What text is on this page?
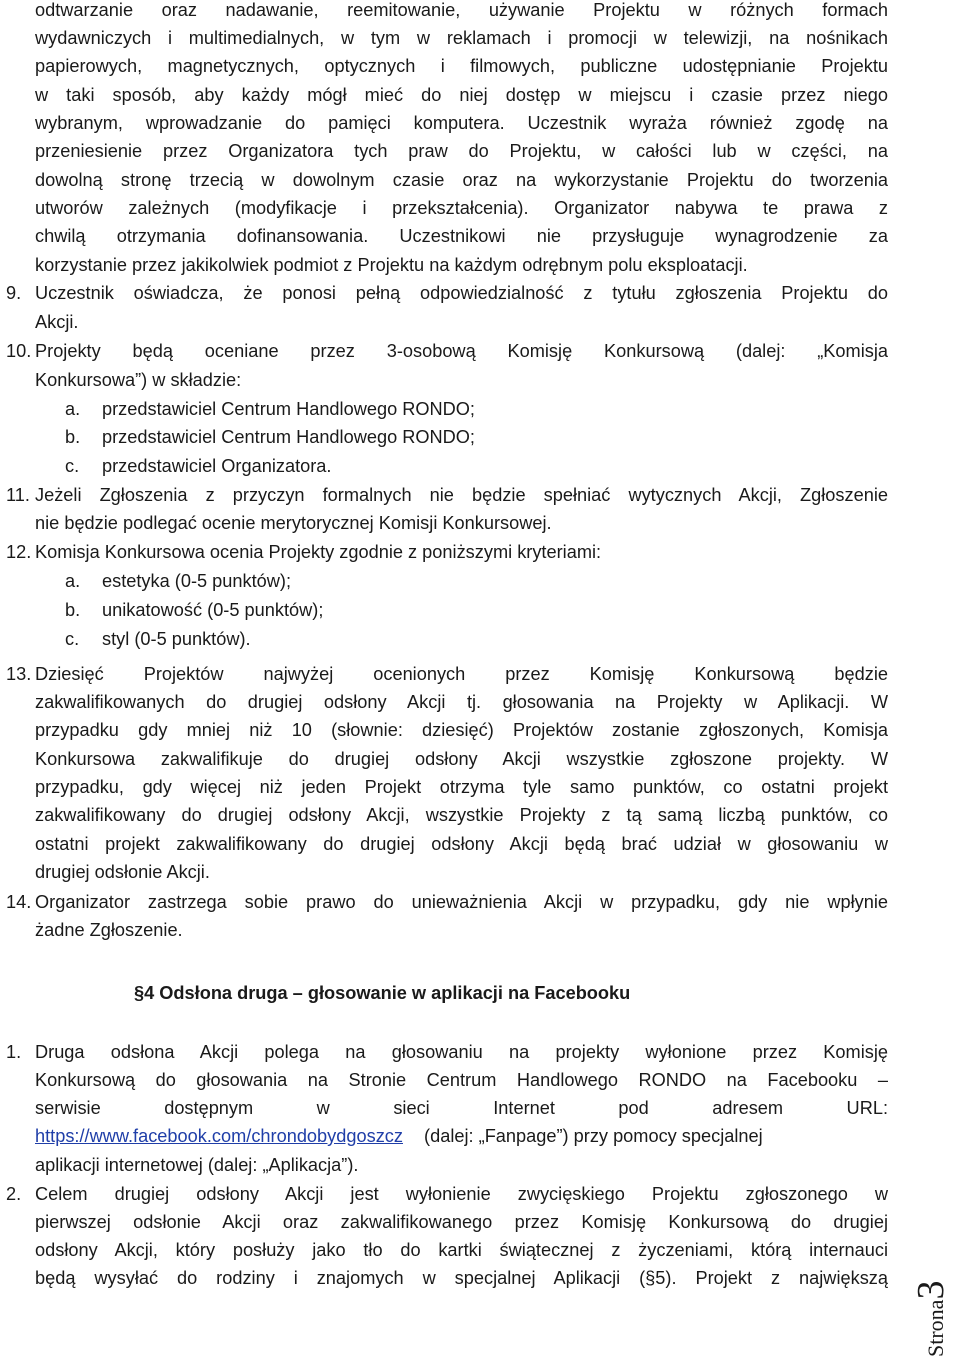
odtwarzanie oraz nadawanie, reemitowanie, używanie Projektu w różnych formach
wydawniczych i multimedialnych, w tym w reklamach i promocji w telewizji, na nośnikach
papierowych, magnetycznych, optycznych i filmowych, publiczne udostępnianie Projektu
w taki sposób, aby każdy mógł mieć do niej dostęp w miejscu i czasie przez niego
wybranym, wprowadzanie do pamięci komputera. Uczestnik wyraża również zgodę na
przeniesienie przez Organizatora tych praw do Projektu, w całości lub w części, na
dowolną stronę trzecią w dowolnym czasie oraz na wykorzystanie Projektu do tworzenia
utworów zależnych (modyfikacje i przekształcenia). Organizator nabywa te prawa z
chwilą otrzymania dofinansowania. Uczestnikowi nie przysługuje wynagrodzenie za
korzystanie przez jakikolwiek podmiot z Projektu na każdym odrębnym polu eksploatacji.
9. Uczestnik oświadcza, że ponosi pełną odpowiedzialność z tytułu zgłoszenia Projektu do
Akcji.
10. Projekty będą oceniane przez 3-osobową Komisję Konkursową (dalej: „Komisja
Konkursowa”) w składzie:
a. przedstawiciel Centrum Handlowego RONDO;
b. przedstawiciel Centrum Handlowego RONDO;
c. przedstawiciel Organizatora.
11. Jeżeli Zgłoszenia z przyczyn formalnych nie będzie spełniać wytycznych Akcji, Zgłoszenie
nie będzie podlegać ocenie merytorycznej Komisji Konkursowej.
12. Komisja Konkursowa ocenia Projekty zgodnie z poniższymi kryteriami:
a. estetyka (0-5 punktów);
b. unikatowość (0-5 punktów);
c. styl (0-5 punktów).
13. Dziesięć Projektów najwyżej ocenionych przez Komisję Konkursową będzie
zakwalifikowanych do drugiej odsłony Akcji tj. głosowania na Projekty w Aplikacji. W
przypadku gdy mniej niż 10 (słownie: dziesięć) Projektów zostanie zgłoszonych, Komisja
Konkursowa zakwalifikuje do drugiej odsłony Akcji wszystkie zgłoszone projekty. W
przypadku, gdy więcej niż jeden Projekt otrzyma tyle samo punktów, co ostatni projekt
zakwalifikowany do drugiej odsłony Akcji, wszystkie Projekty z tą samą liczbą punktów, co
ostatni projekt zakwalifikowany do drugiej odsłony Akcji będą brać udział w głosowaniu w
drugiej odsłonie Akcji.
14. Organizator zastrzega sobie prawo do unieważnienia Akcji w przypadku, gdy nie wpłynie
żadne Zgłoszenie.
§4 Odsłona druga – głosowanie w aplikacji na Facebooku
1. Druga odsłona Akcji polega na głosowaniu na projekty wyłonione przez Komisję
Konkursową do głosowania na Stronie Centrum Handlowego RONDO na Facebooku –
serwisie dostępnym w sieci Internet pod adresem URL:
https://www.facebook.com/chrondobydgoszcz (dalej: „Fanpage”) przy pomocy specjalnej
aplikacji internetowej (dalej: „Aplikacja”).
2. Celem drugiej odsłony Akcji jest wyłonienie zwycięskiego Projektu zgłoszonego w
pierwszej odsłonie Akcji oraz zakwalifikowanego przez Komisję Konkursową do drugiej
odsłony Akcji, który posłuży jako tło do kartki świątecznej z życzeniami, którą internauci
będą wysyłać do rodziny i znajomych w specjalnej Aplikacji (§5). Projekt z największą
Strona3
